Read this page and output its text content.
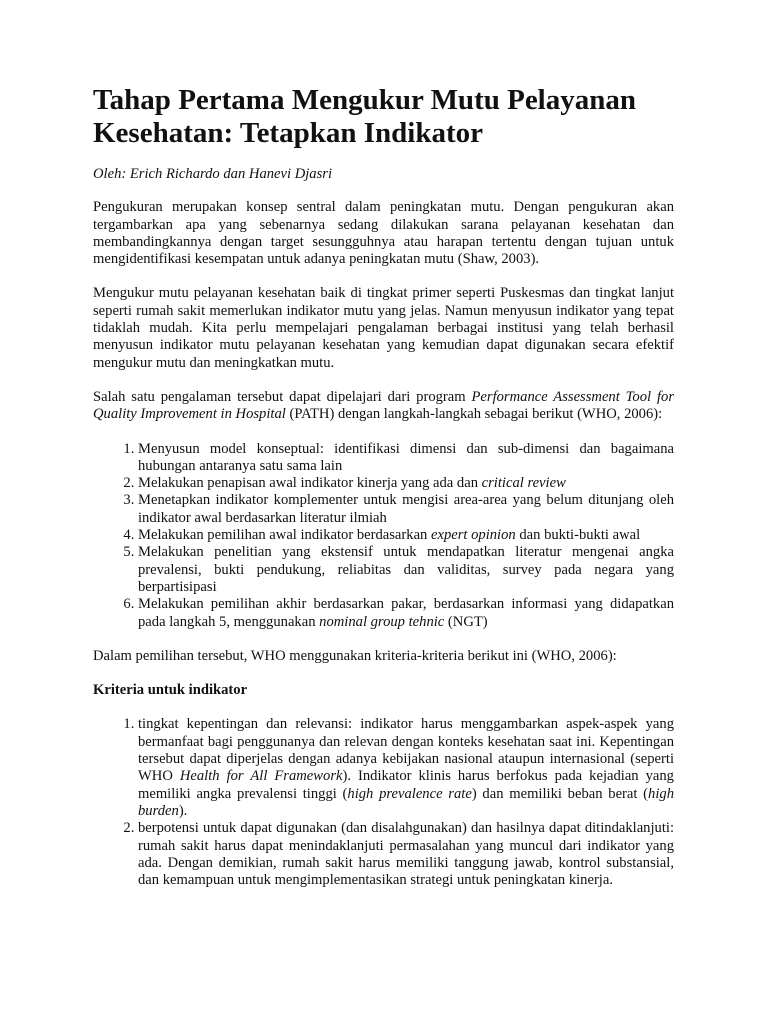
Tahap Pertama Mengukur Mutu Pelayanan Kesehatan: Tetapkan Indikator

Oleh: Erich Richardo dan Hanevi Djasri

Pengukuran merupakan konsep sentral dalam peningkatan mutu. Dengan pengukuran akan tergambarkan apa yang sebenarnya sedang dilakukan sarana pelayanan kesehatan dan membandingkannya dengan target sesungguhnya atau harapan tertentu dengan tujuan untuk mengidentifikasi kesempatan untuk adanya peningkatan mutu (Shaw, 2003).

Mengukur mutu pelayanan kesehatan baik di tingkat primer seperti Puskesmas dan tingkat lanjut seperti rumah sakit memerlukan indikator mutu yang jelas. Namun menyusun indikator yang tepat tidaklah mudah. Kita perlu mempelajari pengalaman berbagai institusi yang telah berhasil menyusun indikator mutu pelayanan kesehatan yang kemudian dapat digunakan secara efektif mengukur mutu dan meningkatkan mutu.

Salah satu pengalaman tersebut dapat dipelajari dari program Performance Assessment Tool for Quality Improvement in Hospital (PATH) dengan langkah-langkah sebagai berikut (WHO, 2006):

1. Menyusun model konseptual: identifikasi dimensi dan sub-dimensi dan bagaimana hubungan antaranya satu sama lain
2. Melakukan penapisan awal indikator kinerja yang ada dan critical review
3. Menetapkan indikator komplementer untuk mengisi area-area yang belum ditunjang oleh indikator awal berdasarkan literatur ilmiah
4. Melakukan pemilihan awal indikator berdasarkan expert opinion dan bukti-bukti awal
5. Melakukan penelitian yang ekstensif untuk mendapatkan literatur mengenai angka prevalensi, bukti pendukung, reliabitas dan validitas, survey pada negara yang berpartisipasi
6. Melakukan pemilihan akhir berdasarkan pakar, berdasarkan informasi yang didapatkan pada langkah 5, menggunakan nominal group tehnic (NGT)

Dalam pemilihan tersebut, WHO menggunakan kriteria-kriteria berikut ini (WHO, 2006):

Kriteria untuk indikator

1. tingkat kepentingan dan relevansi: indikator harus menggambarkan aspek-aspek yang bermanfaat bagi penggunanya dan relevan dengan konteks kesehatan saat ini. Kepentingan tersebut dapat diperjelas dengan adanya kebijakan nasional ataupun internasional (seperti WHO Health for All Framework). Indikator klinis harus berfokus pada kejadian yang memiliki angka prevalensi tinggi (high prevalence rate) dan memiliki beban berat (high burden).
2. berpotensi untuk dapat digunakan (dan disalahgunakan) dan hasilnya dapat ditindaklanjuti: rumah sakit harus dapat menindaklanjuti permasalahan yang muncul dari indikator yang ada. Dengan demikian, rumah sakit harus memiliki tanggung jawab, kontrol substansial, dan kemampuan untuk mengimplementasikan strategi untuk peningkatan kinerja.
